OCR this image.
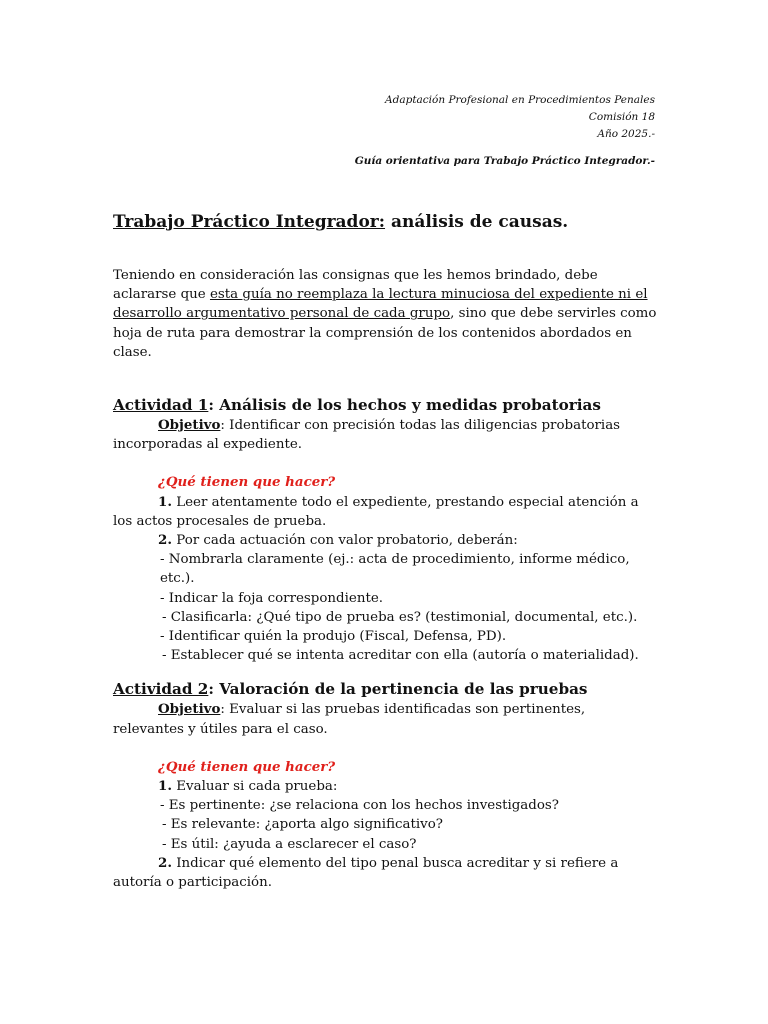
Adaptación Profesional en Procedimientos Penales

Comisión 18

Año 2025.-

Guía orientativa para Trabajo Práctico Integrador.-

Trabajo Práctico Integrador: análisis de causas.

Teniendo en consideración las consignas que les hemos brindado, debe aclararse que esta guía no reemplaza la lectura minuciosa del expediente ni el desarrollo argumentativo personal de cada grupo, sino que debe servirles como hoja de ruta para demostrar la comprensión de los contenidos abordados en clase.

Actividad 1: Análisis de los hechos y medidas probatorias

Objetivo: Identificar con precisión todas las diligencias probatorias incorporadas al expediente.

¿Qué tienen que hacer?

1. Leer atentamente todo el expediente, prestando especial atención a los actos procesales de prueba.

2. Por cada actuación con valor probatorio, deberán:

- Nombrarla claramente (ej.: acta de procedimiento, informe médico, etc.).

- Indicar la foja correspondiente.

- Clasificarla: ¿Qué tipo de prueba es? (testimonial, documental, etc.).

- Identificar quién la produjo (Fiscal, Defensa, PD).

- Establecer qué se intenta acreditar con ella (autoría o materialidad).

Actividad 2: Valoración de la pertinencia de las pruebas

Objetivo: Evaluar si las pruebas identificadas son pertinentes, relevantes y útiles para el caso.

¿Qué tienen que hacer?

1. Evaluar si cada prueba:

- Es pertinente: ¿se relaciona con los hechos investigados?

- Es relevante: ¿aporta algo significativo?

- Es útil: ¿ayuda a esclarecer el caso?

2. Indicar qué elemento del tipo penal busca acreditar y si refiere a autoría o participación.
